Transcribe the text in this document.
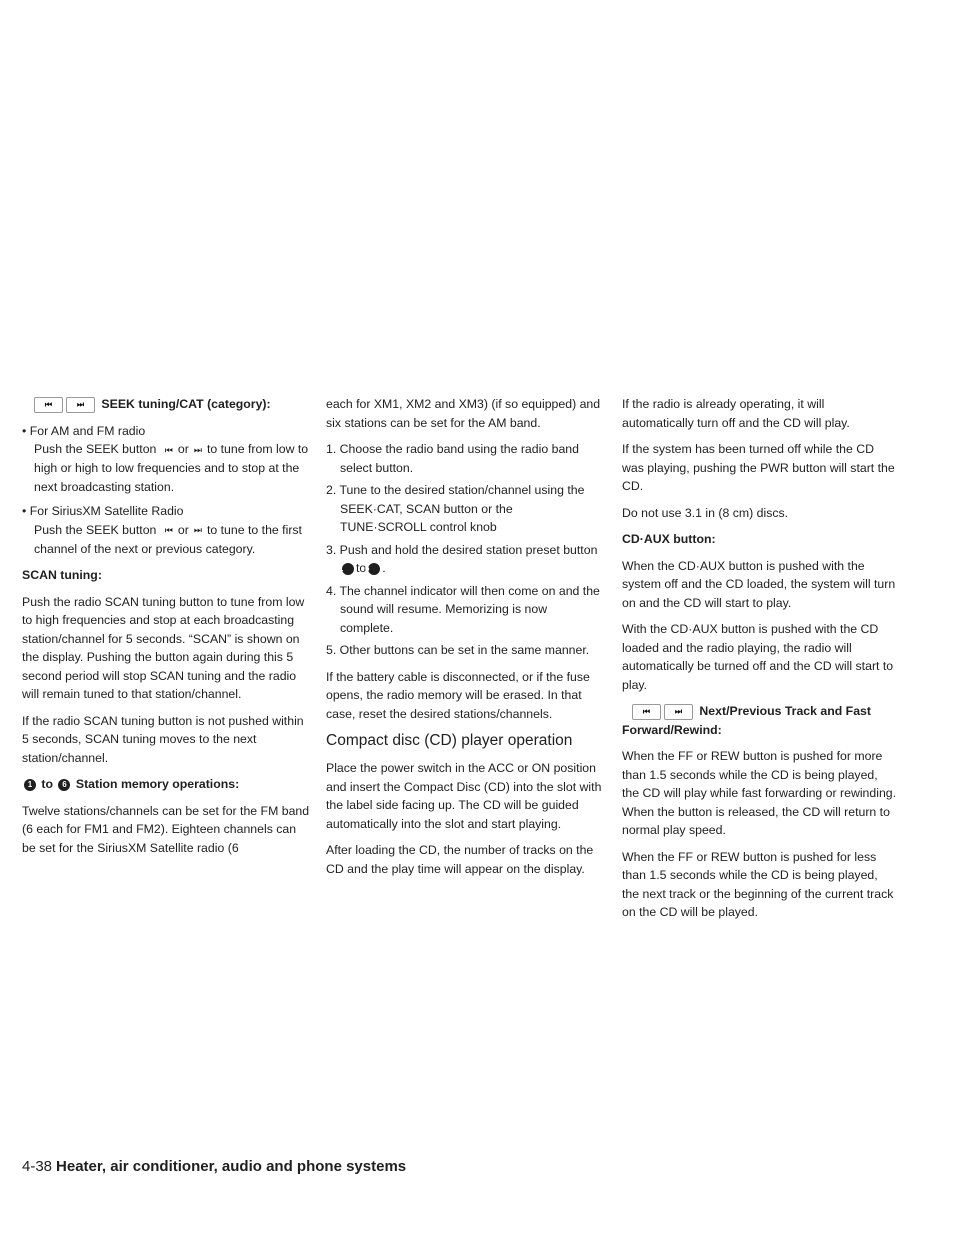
⏮	⏭ SEEK tuning/CAT (category):

• For AM and FM radio

Push the SEEK button ⏮ or ⏭ to tune from low to high or high to low frequencies and to stop at the next broadcasting station.

• For SiriusXM Satellite Radio

Push the SEEK button ⏮ or ⏭ to tune to the first channel of the next or previous category.

SCAN tuning:

Push the radio SCAN tuning button to tune from low to high frequencies and stop at each broadcasting station/channel for 5 seconds. “SCAN” is shown on the display. Pushing the button again during this 5 second period will stop SCAN tuning and the radio will remain tuned to that station/channel.

If the radio SCAN tuning button is not pushed within 5 seconds, SCAN tuning moves to the next station/channel.

1 to 6 Station memory operations:

Twelve stations/channels can be set for the FM band (6 each for FM1 and FM2). Eighteen channels can be set for the SiriusXM Satellite radio (6

each for XM1, XM2 and XM3) (if so equipped) and six stations can be set for the AM band.

1. Choose the radio band using the radio band select button.

2. Tune to the desired station/channel using the SEEK·CAT, SCAN button or the TUNE·SCROLL control knob

3. Push and hold the desired station preset button 1 to6 .

4. The channel indicator will then come on and the sound will resume. Memorizing is now complete.

5. Other buttons can be set in the same manner.

If the battery cable is disconnected, or if the fuse opens, the radio memory will be erased. In that case, reset the desired stations/channels.

Compact disc (CD) player operation

Place the power switch in the ACC or ON position and insert the Compact Disc (CD) into the slot with the label side facing up. The CD will be guided automatically into the slot and start playing.

After loading the CD, the number of tracks on the CD and the play time will appear on the display.

If the radio is already operating, it will automatically turn off and the CD will play.

If the system has been turned off while the CD was playing, pushing the PWR button will start the CD.

Do not use 3.1 in (8 cm) discs.

CD·AUX button:

When the CD·AUX button is pushed with the system off and the CD loaded, the system will turn on and the CD will start to play.

With the CD·AUX button is pushed with the CD loaded and the radio playing, the radio will automatically be turned off and the CD will start to play.

⏮	⏭ Next/Previous Track and Fast Forward/Rewind:

When the FF or REW button is pushed for more than 1.5 seconds while the CD is being played, the CD will play while fast forwarding or rewinding. When the button is released, the CD will return to normal play speed.

When the FF or REW button is pushed for less than 1.5 seconds while the CD is being played, the next track or the beginning of the current track on the CD will be played.

4-38 Heater, air conditioner, audio and phone systems
